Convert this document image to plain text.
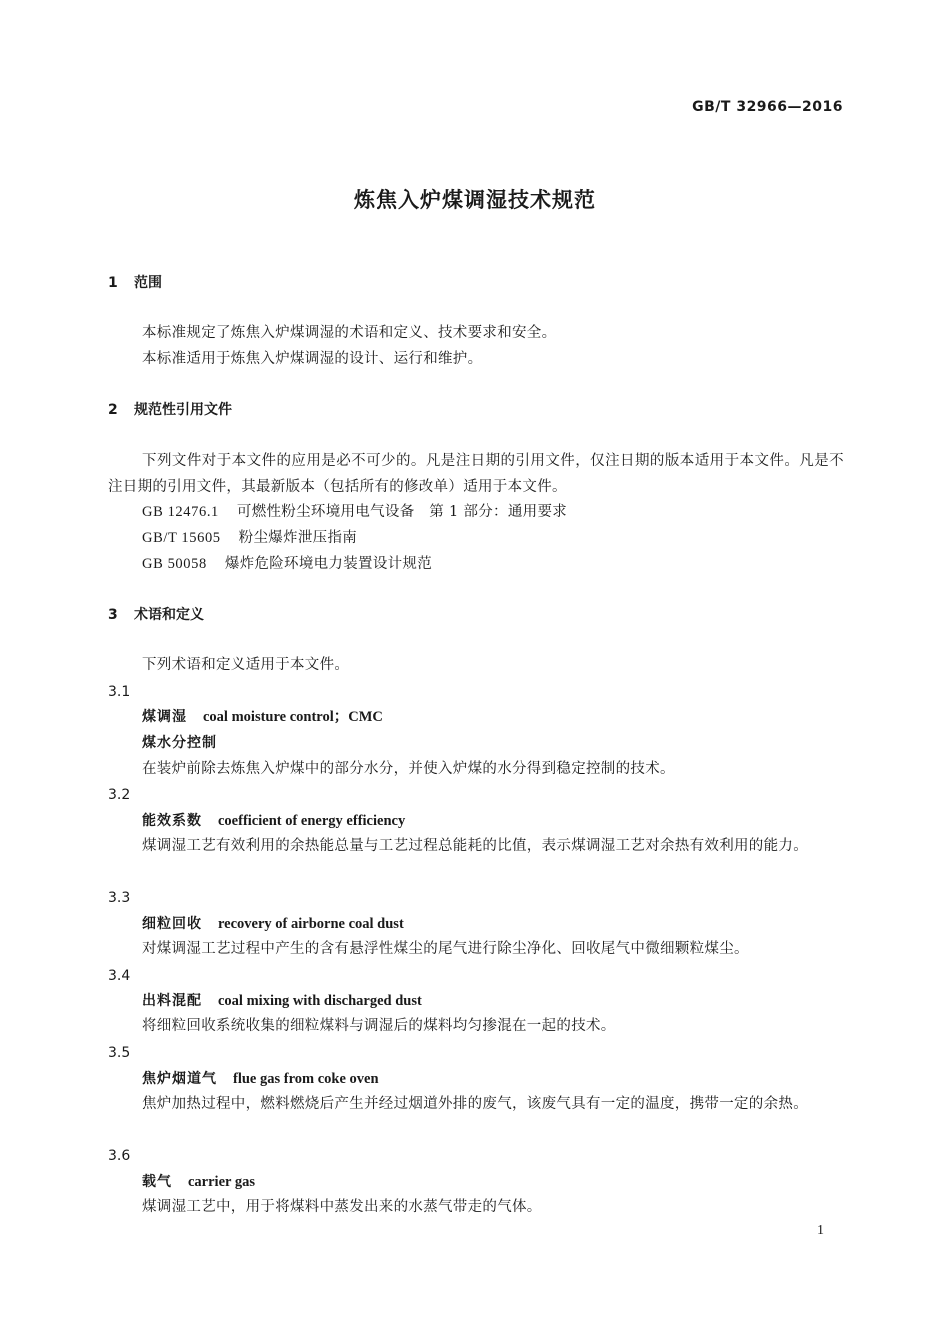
GB/T 32966—2016
炼焦入炉煤调湿技术规范
1 范围
本标准规定了炼焦入炉煤调湿的术语和定义、技术要求和安全。
本标准适用于炼焦入炉煤调湿的设计、运行和维护。
2 规范性引用文件
下列文件对于本文件的应用是必不可少的。凡是注日期的引用文件，仅注日期的版本适用于本文件。凡是不注日期的引用文件，其最新版本（包括所有的修改单）适用于本文件。
GB 12476.1 可燃性粉尘环境用电气设备　第 1 部分：通用要求
GB/T 15605 粉尘爆炸泄压指南
GB 50058 爆炸危险环境电力装置设计规范
3 术语和定义
下列术语和定义适用于本文件。
3.1
煤调湿 coal moisture control；CMC
煤水分控制
在装炉前除去炼焦入炉煤中的部分水分，并使入炉煤的水分得到稳定控制的技术。
3.2
能效系数 coefficient of energy efficiency
煤调湿工艺有效利用的余热能总量与工艺过程总能耗的比值，表示煤调湿工艺对余热有效利用的能力。
3.3
细粒回收 recovery of airborne coal dust
对煤调湿工艺过程中产生的含有悬浮性煤尘的尾气进行除尘净化、回收尾气中微细颗粒煤尘。
3.4
出料混配 coal mixing with discharged dust
将细粒回收系统收集的细粒煤料与调湿后的煤料均匀掺混在一起的技术。
3.5
焦炉烟道气 flue gas from coke oven
焦炉加热过程中，燃料燃烧后产生并经过烟道外排的废气，该废气具有一定的温度，携带一定的余热。
3.6
载气 carrier gas
煤调湿工艺中，用于将煤料中蒸发出来的水蒸气带走的气体。
1
